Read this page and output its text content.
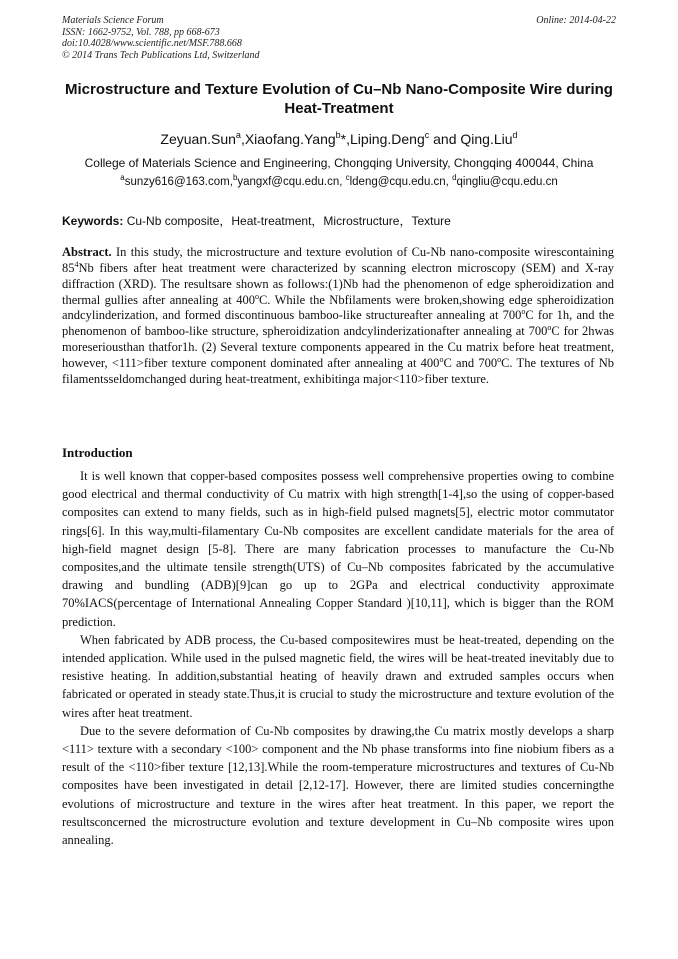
Materials Science Forum
ISSN: 1662-9752, Vol. 788, pp 668-673
doi:10.4028/www.scientific.net/MSF.788.668
© 2014 Trans Tech Publications Ltd, Switzerland
Online: 2014-04-22
Microstructure and Texture Evolution of Cu–Nb Nano-Composite Wire during Heat-Treatment
Zeyuan.Sun$^a$,Xiaofang.Yang$^b$*,Liping.Deng$^c$ and Qing.Liu$^d$
College of Materials Science and Engineering, Chongqing University, Chongqing 400044, China
$^a$sunzy616@163.com,$^b$yangxf@cqu.edu.cn, $^c$ldeng@cqu.edu.cn, $^d$qingliu@cqu.edu.cn
Keywords: Cu-Nb composite，Heat-treatment，Microstructure，Texture

Abstract. In this study, the microstructure and texture evolution of Cu-Nb nano-composite wirescontaining $85^4Nb$ fibers after heat treatment were characterized by scanning electron microscopy (SEM) and X-ray diffraction (XRD). The resultsare shown as follows:(1)Nb had the phenomenon of edge spheroidization and thermal gullies after annealing at 400$^o$C. While the Nbfilaments were broken,showing edge spheroidization andcylinderization, and formed discontinuous bamboo-like structureafter annealing at 700$^o$C for 1h, and the phenomenon of bamboo-like structure, spheroidization andcylinderizationafter annealing at 700$^o$C for 2hwas moreseriousthan thatfor1h. (2) Several texture components appeared in the Cu matrix before heat treatment, however, <111>fiber texture component dominated after annealing at 400$^o$C and 700$^o$C. The textures of Nb filamentsseldomchanged during heat-treatment, exhibitinga major<110>fiber texture.

Introduction

It is well known that copper-based composites possess well comprehensive properties owing to combine good electrical and thermal conductivity of Cu matrix with high strength[1-4],so the using of copper-based composites can extend to many fields, such as in high-field pulsed magnets[5], electric motor commutator rings[6]. In this way,multi-filamentary Cu-Nb composites are excellent candidate materials for the area of high-field magnet design [5-8]. There are many fabrication processes to manufacture the Cu-Nb composites,and the ultimate tensile strength(UTS) of Cu–Nb composites fabricated by the accumulative drawing and bundling (ADB)[9]can go up to 2GPa and electrical conductivity approximate 70%IACS(percentage of International Annealing Copper Standard )[10,11], which is bigger than the ROM prediction.

When fabricated by ADB process, the Cu-based compositewires must be heat-treated, depending on the intended application. While used in the pulsed magnetic field, the wires will be heat-treated inevitably due to resistive heating. In addition,substantial heating of heavily drawn and extruded samples occurs when fabricated or operated in steady state.Thus,it is crucial to study the microstructure and texture evolution of the wires after heat treatment.

Due to the severe deformation of Cu-Nb composites by drawing,the Cu matrix mostly develops a sharp <111> texture with a secondary <100> component and the Nb phase transforms into fine niobium fibers as a result of the <110>fiber texture [12,13].While the room-temperature microstructures and textures of Cu-Nb composites have been investigated in detail [2,12-17]. However, there are limited studies concerningthe evolutions of microstructure and texture in the wires after heat treatment. In this paper, we report the resultsconcerned the microstructure evolution and texture development in Cu–Nb composite wires upon annealing.
